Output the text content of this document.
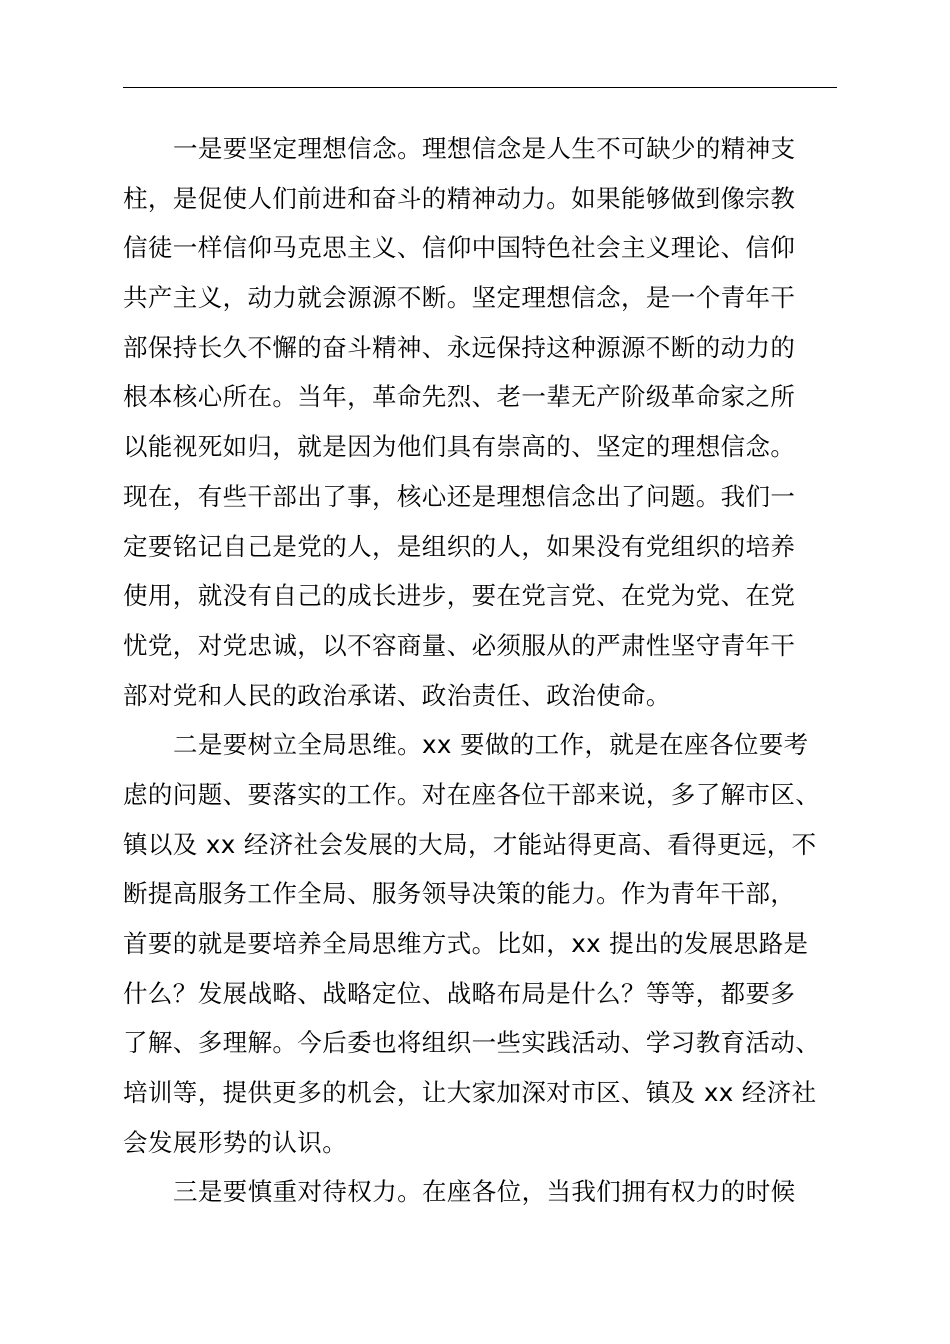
一是要坚定理想信念。理想信念是人生不可缺少的精神支
柱，是促使人们前进和奋斗的精神动力。如果能够做到像宗教
信徒一样信仰马克思主义、信仰中国特色社会主义理论、信仰
共产主义，动力就会源源不断。坚定理想信念，是一个青年干
部保持长久不懈的奋斗精神、永远保持这种源源不断的动力的
根本核心所在。当年，革命先烈、老一辈无产阶级革命家之所
以能视死如归，就是因为他们具有崇高的、坚定的理想信念。
现在，有些干部出了事，核心还是理想信念出了问题。我们一
定要铭记自己是党的人，是组织的人，如果没有党组织的培养
使用，就没有自己的成长进步，要在党言党、在党为党、在党
忧党，对党忠诚，以不容商量、必须服从的严肃性坚守青年干
部对党和人民的政治承诺、政治责任、政治使命。
二是要树立全局思维。xx 要做的工作，就是在座各位要考
虑的问题、要落实的工作。对在座各位干部来说，多了解市区、
镇以及 xx 经济社会发展的大局，才能站得更高、看得更远，不
断提高服务工作全局、服务领导决策的能力。作为青年干部，
首要的就是要培养全局思维方式。比如，xx 提出的发展思路是
什么？发展战略、战略定位、战略布局是什么？等等，都要多
了解、多理解。今后委也将组织一些实践活动、学习教育活动、
培训等，提供更多的机会，让大家加深对市区、镇及 xx 经济社
会发展形势的认识。
三是要慎重对待权力。在座各位，当我们拥有权力的时候
